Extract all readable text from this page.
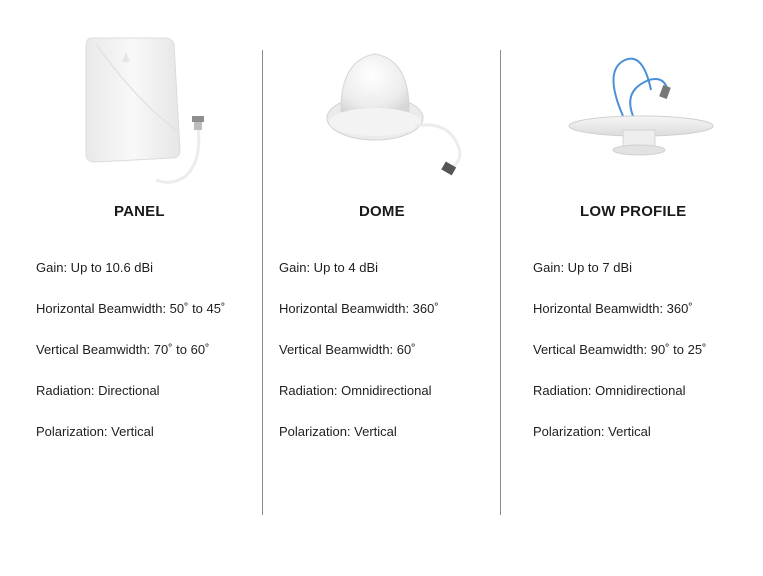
PANEL
Gain: Up to 10.6 dBi
Horizontal Beamwidth: 50˚ to 45˚
Vertical Beamwidth: 70˚ to 60˚
Radiation: Directional
Polarization: Vertical
DOME
Gain: Up to 4 dBi
Horizontal Beamwidth: 360˚
Vertical Beamwidth: 60˚
Radiation: Omnidirectional
Polarization: Vertical
LOW PROFILE
Gain: Up to 7 dBi
Horizontal Beamwidth: 360˚
Vertical Beamwidth: 90˚ to 25˚
Radiation: Omnidirectional
Polarization: Vertical
